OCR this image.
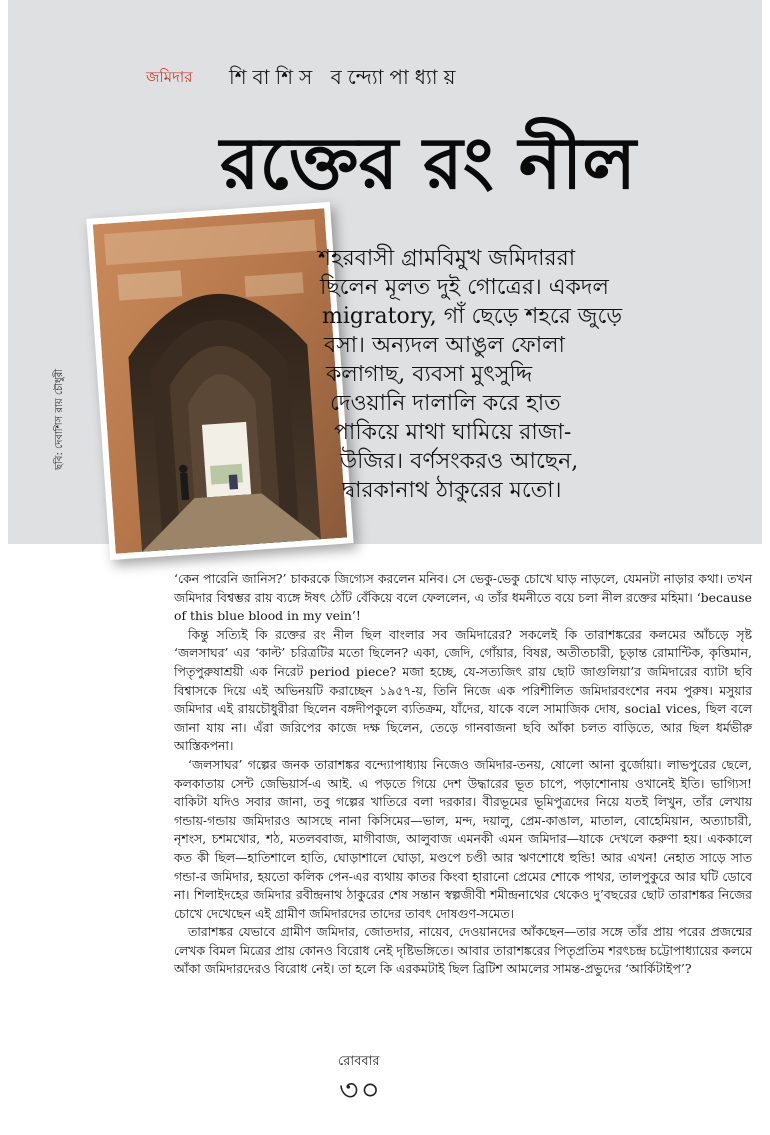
জমিদার শিবাশিস বন্দ্যোপাধ্যায়
রক্তের রং নীল
ছবি: দেবাশিস রায় চৌধুরী
শহরবাসী গ্রামবিমুখ জমিদাররা
ছিলেন মূলত দুই গোত্রের। একদল
migratory, গাঁ ছেড়ে শহরে জুড়ে
বসা। অন্যদল আঙুল ফোলা
কলাগাছ, ব্যবসা মুৎসুদ্দি
দেওয়ানি দালালি করে হাত
পাকিয়ে মাথা ঘামিয়ে রাজা-
উজির। বর্ণসংকরও আছেন,
দ্বারকানাথ ঠাকুরের মতো।

‘কেন পারেনি জানিস?’ চাকরকে জিগ্যেস করলেন মনিব। সে ভেকু-ভেকু চোখে ঘাড় নাড়লে, যেমনটা নাড়ার কথা। তখন জমিদার বিশ্বম্ভর রায় ব্যঙ্গে ঈষৎ ঠোঁট বেঁকিয়ে বলে ফেললেন, এ তাঁর ধমনীতে বয়ে চলা নীল রক্তের মহিমা। ‘because of this blue blood in my vein’!

কিন্তু সত্যিই কি রক্তের রং নীল ছিল বাংলার সব জমিদারের? সকলেই কি তারাশঙ্করের কলমের আঁচড়ে সৃষ্ট ‘জলসাঘর’ এর ‘কাল্ট’ চরিত্রটির মতো ছিলেন? একা, জেদি, গোঁয়ার, বিষণ্ণ, অতীতচারী, চূড়ান্ত রোমান্টিক, কৃত্তিমান, পিতৃপুরুষাশ্রয়ী এক নিরেট period piece? মজা হচ্ছে, যে-সত্যজিৎ রায় ছোট জাগুলিয়া’র জমিদারের ব্যাটা ছবি বিশ্বাসকে দিয়ে এই অভিনয়টি করাচ্ছেন ১৯৫৭-য়, তিনি নিজে এক পরিশীলিত জমিদারবংশের নবম পুরুষ। মসুয়ার জমিদার এই রায়চৌধুরীরা ছিলেন বঙ্গদীপকুলে ব্যতিক্রম, যাঁদের, যাকে বলে সামাজিক দোষ, social vices, ছিল বলে জানা যায় না। এঁরা জরিপের কাজে দক্ষ ছিলেন, তেড়ে গানবাজনা ছবি আঁকা চলত বাড়িতে, আর ছিল ধর্মভীরু আস্তিকপনা।

‘জলসাঘর’ গল্পের জনক তারাশঙ্কর বন্দ্যোপাধ্যায় নিজেও জমিদার-তনয়, ষোলো আনা বুর্জোয়া। লাভপুরের ছেলে, কলকাতায় সেন্ট জেভিয়ার্স-এ আই. এ পড়তে গিয়ে দেশ উদ্ধারের ভূত চাপে, পড়াশোনায় ওখানেই ইতি। ভাগ্যিস! বাকিটা যদিও সবার জানা, তবু গল্পের খাতিরে বলা দরকার। বীরভূমের ভূমিপুত্রদের নিয়ে যতই লিখুন, তাঁর লেখায় গন্ডায়-গন্ডায় জমিদারও আসছে নানা কিসিমের—ভাল, মন্দ, দয়ালু, প্রেম-কাঙাল, মাতাল, বোহেমিয়ান, অত্যাচারী, নৃশংস, চশমখোর, শঠ, মতলববাজ, মাগীবাজ, আলুবাজ এমনকী এমন জমিদার—যাকে দেখলে করুণা হয়। এককালে কত কী ছিল—হাতিশালে হাতি, ঘোড়াশালে ঘোড়া, মণ্ডপে চণ্ডী আর ঋণশোধে হুন্ডি! আর এখন! নেহাত সাড়ে সাত গন্ডা-র জমিদার, হয়তো কলিক পেন-এর ব্যথায় কাতর কিংবা হারানো প্রেমের শোকে পাথর, তালপুকুরে আর ঘটি ডোবে না। শিলাইদহের জমিদার রবীন্দ্রনাথ ঠাকুরের শেষ সন্তান স্বল্পজীবী শমীন্দ্রনাথের থেকেও দু’বছরের ছোট তারাশঙ্কর নিজের চোখে দেখেছেন এই গ্রামীণ জমিদারদের তাদের তাবৎ দোষগুণ-সমেত।

তারাশঙ্কর যেভাবে গ্রামীণ জমিদার, জোতদার, নায়েব, দেওয়ানদের আঁকছেন—তার সঙ্গে তাঁর প্রায় পরের প্রজন্মের লেখক বিমল মিত্রের প্রায় কোনও বিরোধ নেই দৃষ্টিভঙ্গিতে। আবার তারাশঙ্করের পিতৃপ্রতিম শরৎচন্দ্র চট্টোপাধ্যায়ের কলমে আঁকা জমিদারদেরও বিরোধ নেই। তা হলে কি এরকমটাই ছিল ব্রিটিশ আমলের সামন্ত-প্রভুদের ‘আর্কিটাইপ’?

রোববার
৩০
